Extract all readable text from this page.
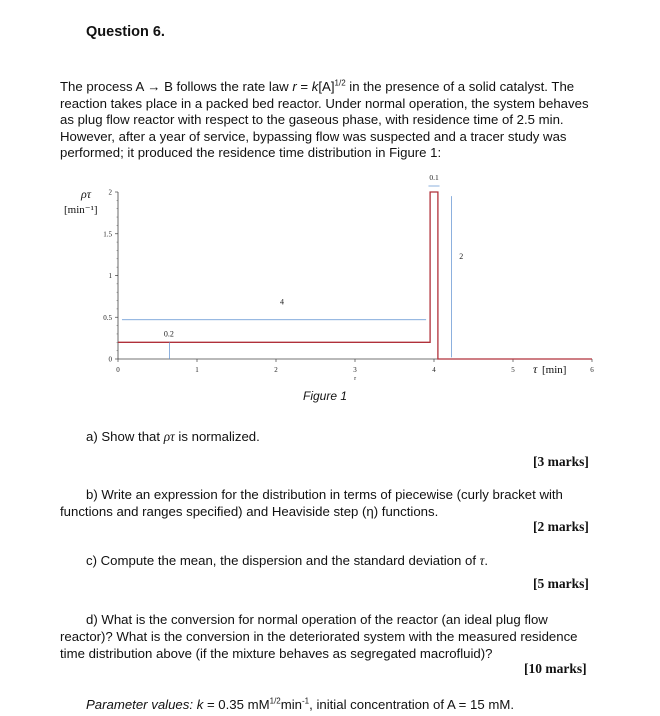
Question 6.
The process A → B follows the rate law $r = k[A]^{1/2}$ in the presence of a solid catalyst. The
reaction takes place in a packed bed reactor. Under normal operation, the system behaves
as plug flow reactor with respect to the gaseous phase, with residence time of 2.5 min.
However, after a year of service, bypassing flow was suspected and a tracer study was
performed; it produced the residence time distribution in Figure 1:
0	1	2	3	4	5	6
0
0.5
1
1.5
2
ρτ
[min⁻¹]
τ [min]
τ
0.2
4
2
0.1
Figure 1
a) Show that ρτ is normalized.
[3 marks]
b) Write an expression for the distribution in terms of piecewise (curly bracket with
functions and ranges specified) and Heaviside step (η) functions.
[2 marks]
c) Compute the mean, the dispersion and the standard deviation of τ.
[5 marks]
d) What is the conversion for normal operation of the reactor (an ideal plug flow
reactor)? What is the conversion in the deteriorated system with the measured residence
time distribution above (if the mixture behaves as segregated macrofluid)?
[10 marks]
Parameter values: k = 0.35 $mM^{1/2}\min^{-1}$, initial concentration of A = 15 mM.
